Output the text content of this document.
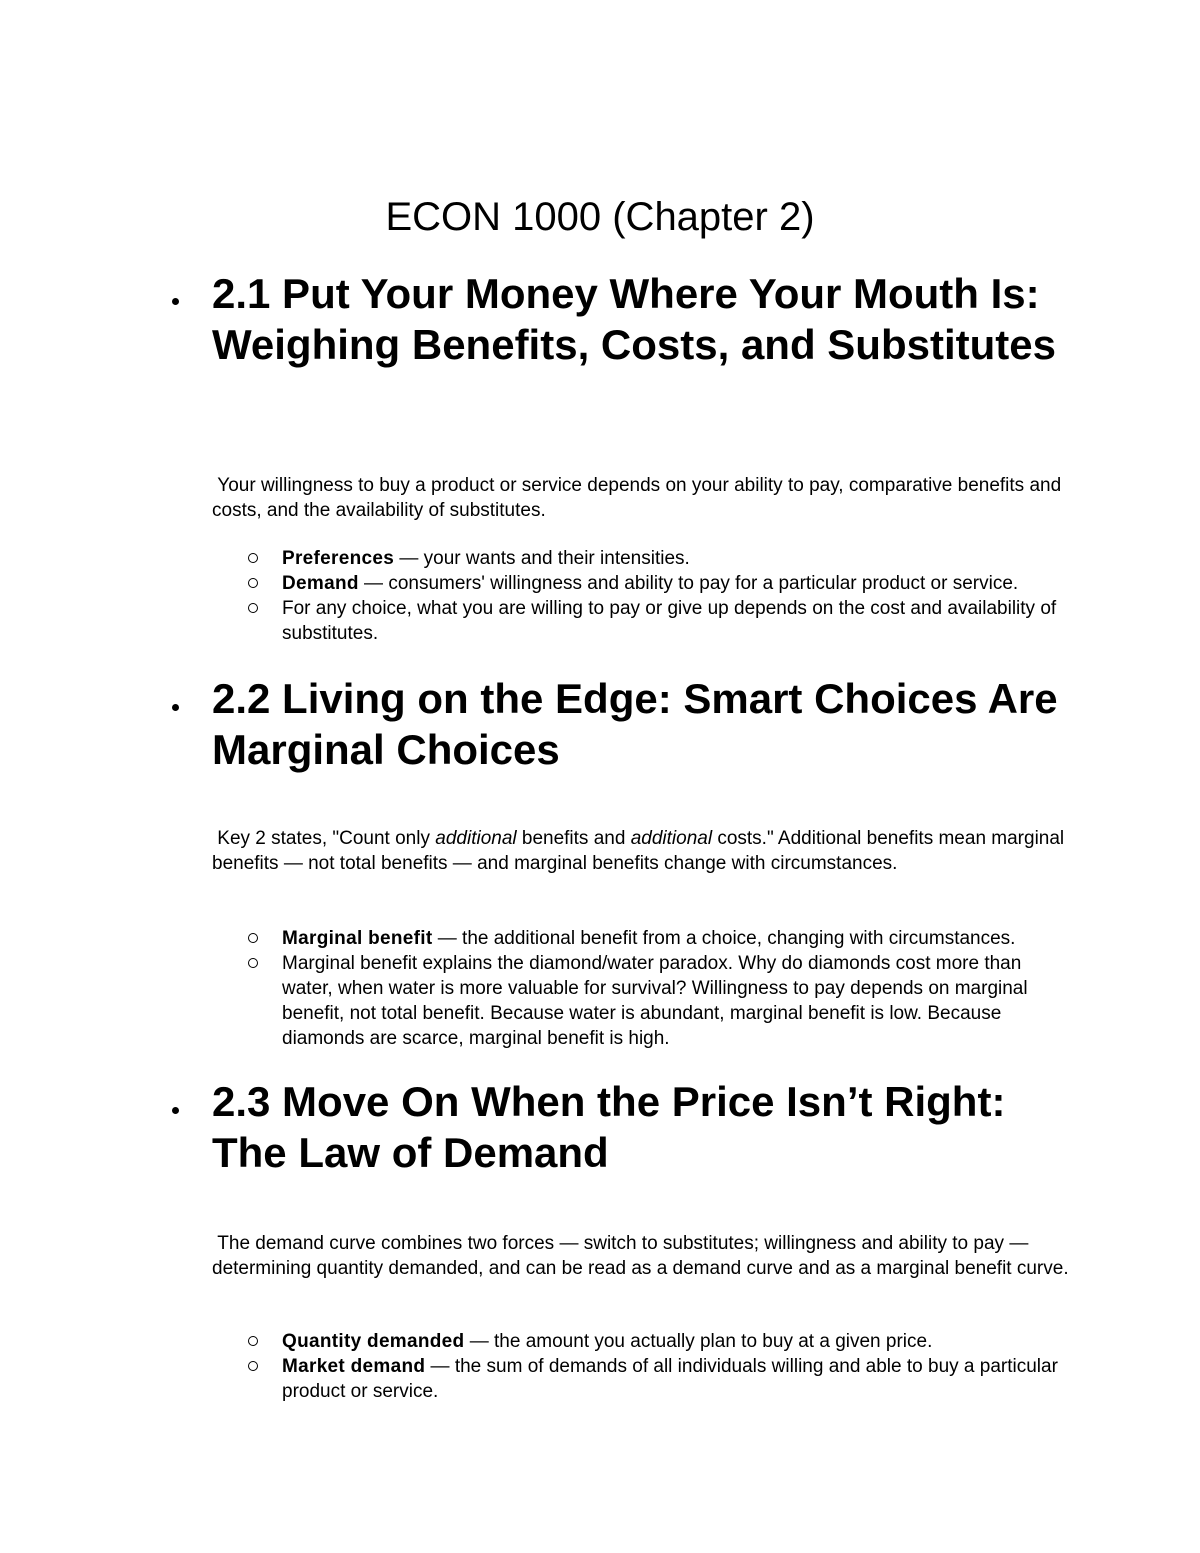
ECON 1000 (Chapter 2)
2.1 Put Your Money Where Your Mouth Is: Weighing Benefits, Costs, and Substitutes

Your willingness to buy a product or service depends on your ability to pay, comparative benefits and costs, and the availability of substitutes.

Preferences — your wants and their intensities.
Demand — consumers' willingness and ability to pay for a particular product or service.
For any choice, what you are willing to pay or give up depends on the cost and availability of substitutes.
2.2 Living on the Edge: Smart Choices Are Marginal Choices

Key 2 states, "Count only additional benefits and additional costs." Additional benefits mean marginal benefits — not total benefits — and marginal benefits change with circumstances.

Marginal benefit — the additional benefit from a choice, changing with circumstances.
Marginal benefit explains the diamond/water paradox. Why do diamonds cost more than water, when water is more valuable for survival? Willingness to pay depends on marginal benefit, not total benefit. Because water is abundant, marginal benefit is low. Because diamonds are scarce, marginal benefit is high.
2.3 Move On When the Price Isn’t Right: The Law of Demand

The demand curve combines two forces — switch to substitutes; willingness and ability to pay — determining quantity demanded, and can be read as a demand curve and as a marginal benefit curve.

Quantity demanded — the amount you actually plan to buy at a given price.
Market demand — the sum of demands of all individuals willing and able to buy a particular product or service.
